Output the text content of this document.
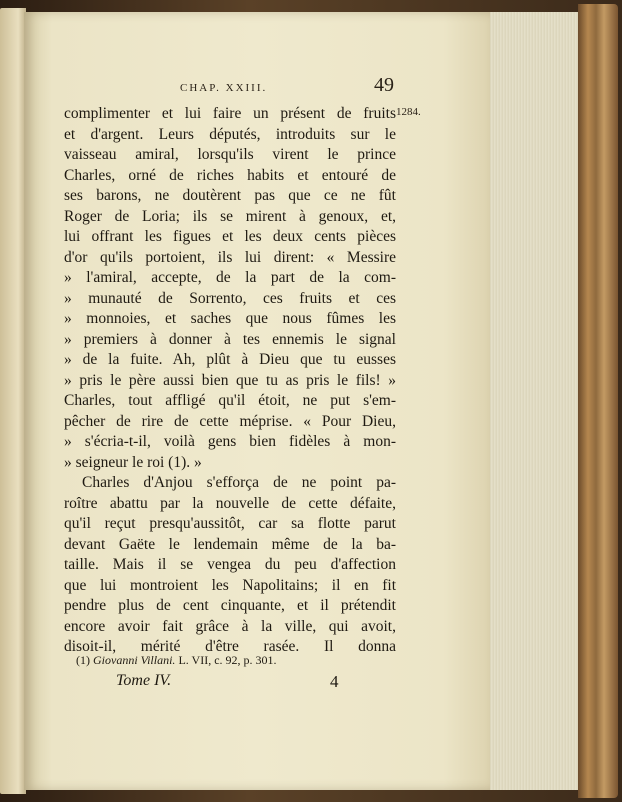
CHAP. XXIII.	49
1284.
complimenter et lui faire un présent de fruits
et d'argent. Leurs députés, introduits sur le
vaisseau amiral, lorsqu'ils virent le prince
Charles, orné de riches habits et entouré de
ses barons, ne doutèrent pas que ce ne fût
Roger de Loria; ils se mirent à genoux, et,
lui offrant les figues et les deux cents pièces
d'or qu'ils portoient, ils lui dirent: « Messire
» l'amiral, accepte, de la part de la com-
» munauté de Sorrento, ces fruits et ces
» monnoies, et saches que nous fûmes les
» premiers à donner à tes ennemis le signal
» de la fuite. Ah, plût à Dieu que tu eusses
» pris le père aussi bien que tu as pris le fils! »
Charles, tout affligé qu'il étoit, ne put s'em-
pêcher de rire de cette méprise. « Pour Dieu,
» s'écria-t-il, voilà gens bien fidèles à mon-
» seigneur le roi (1). »
Charles d'Anjou s'efforça de ne point pa-
roître abattu par la nouvelle de cette défaite,
qu'il reçut presqu'aussitôt, car sa flotte parut
devant Gaëte le lendemain même de la ba-
taille. Mais il se vengea du peu d'affection
que lui montroient les Napolitains; il en fit
pendre plus de cent cinquante, et il prétendit
encore avoir fait grâce à la ville, qui avoit,
disoit-il, mérité d'être rasée. Il donna
(1) Giovanni Villani. L. VII, c. 92, p. 301.
Tome IV.	4
